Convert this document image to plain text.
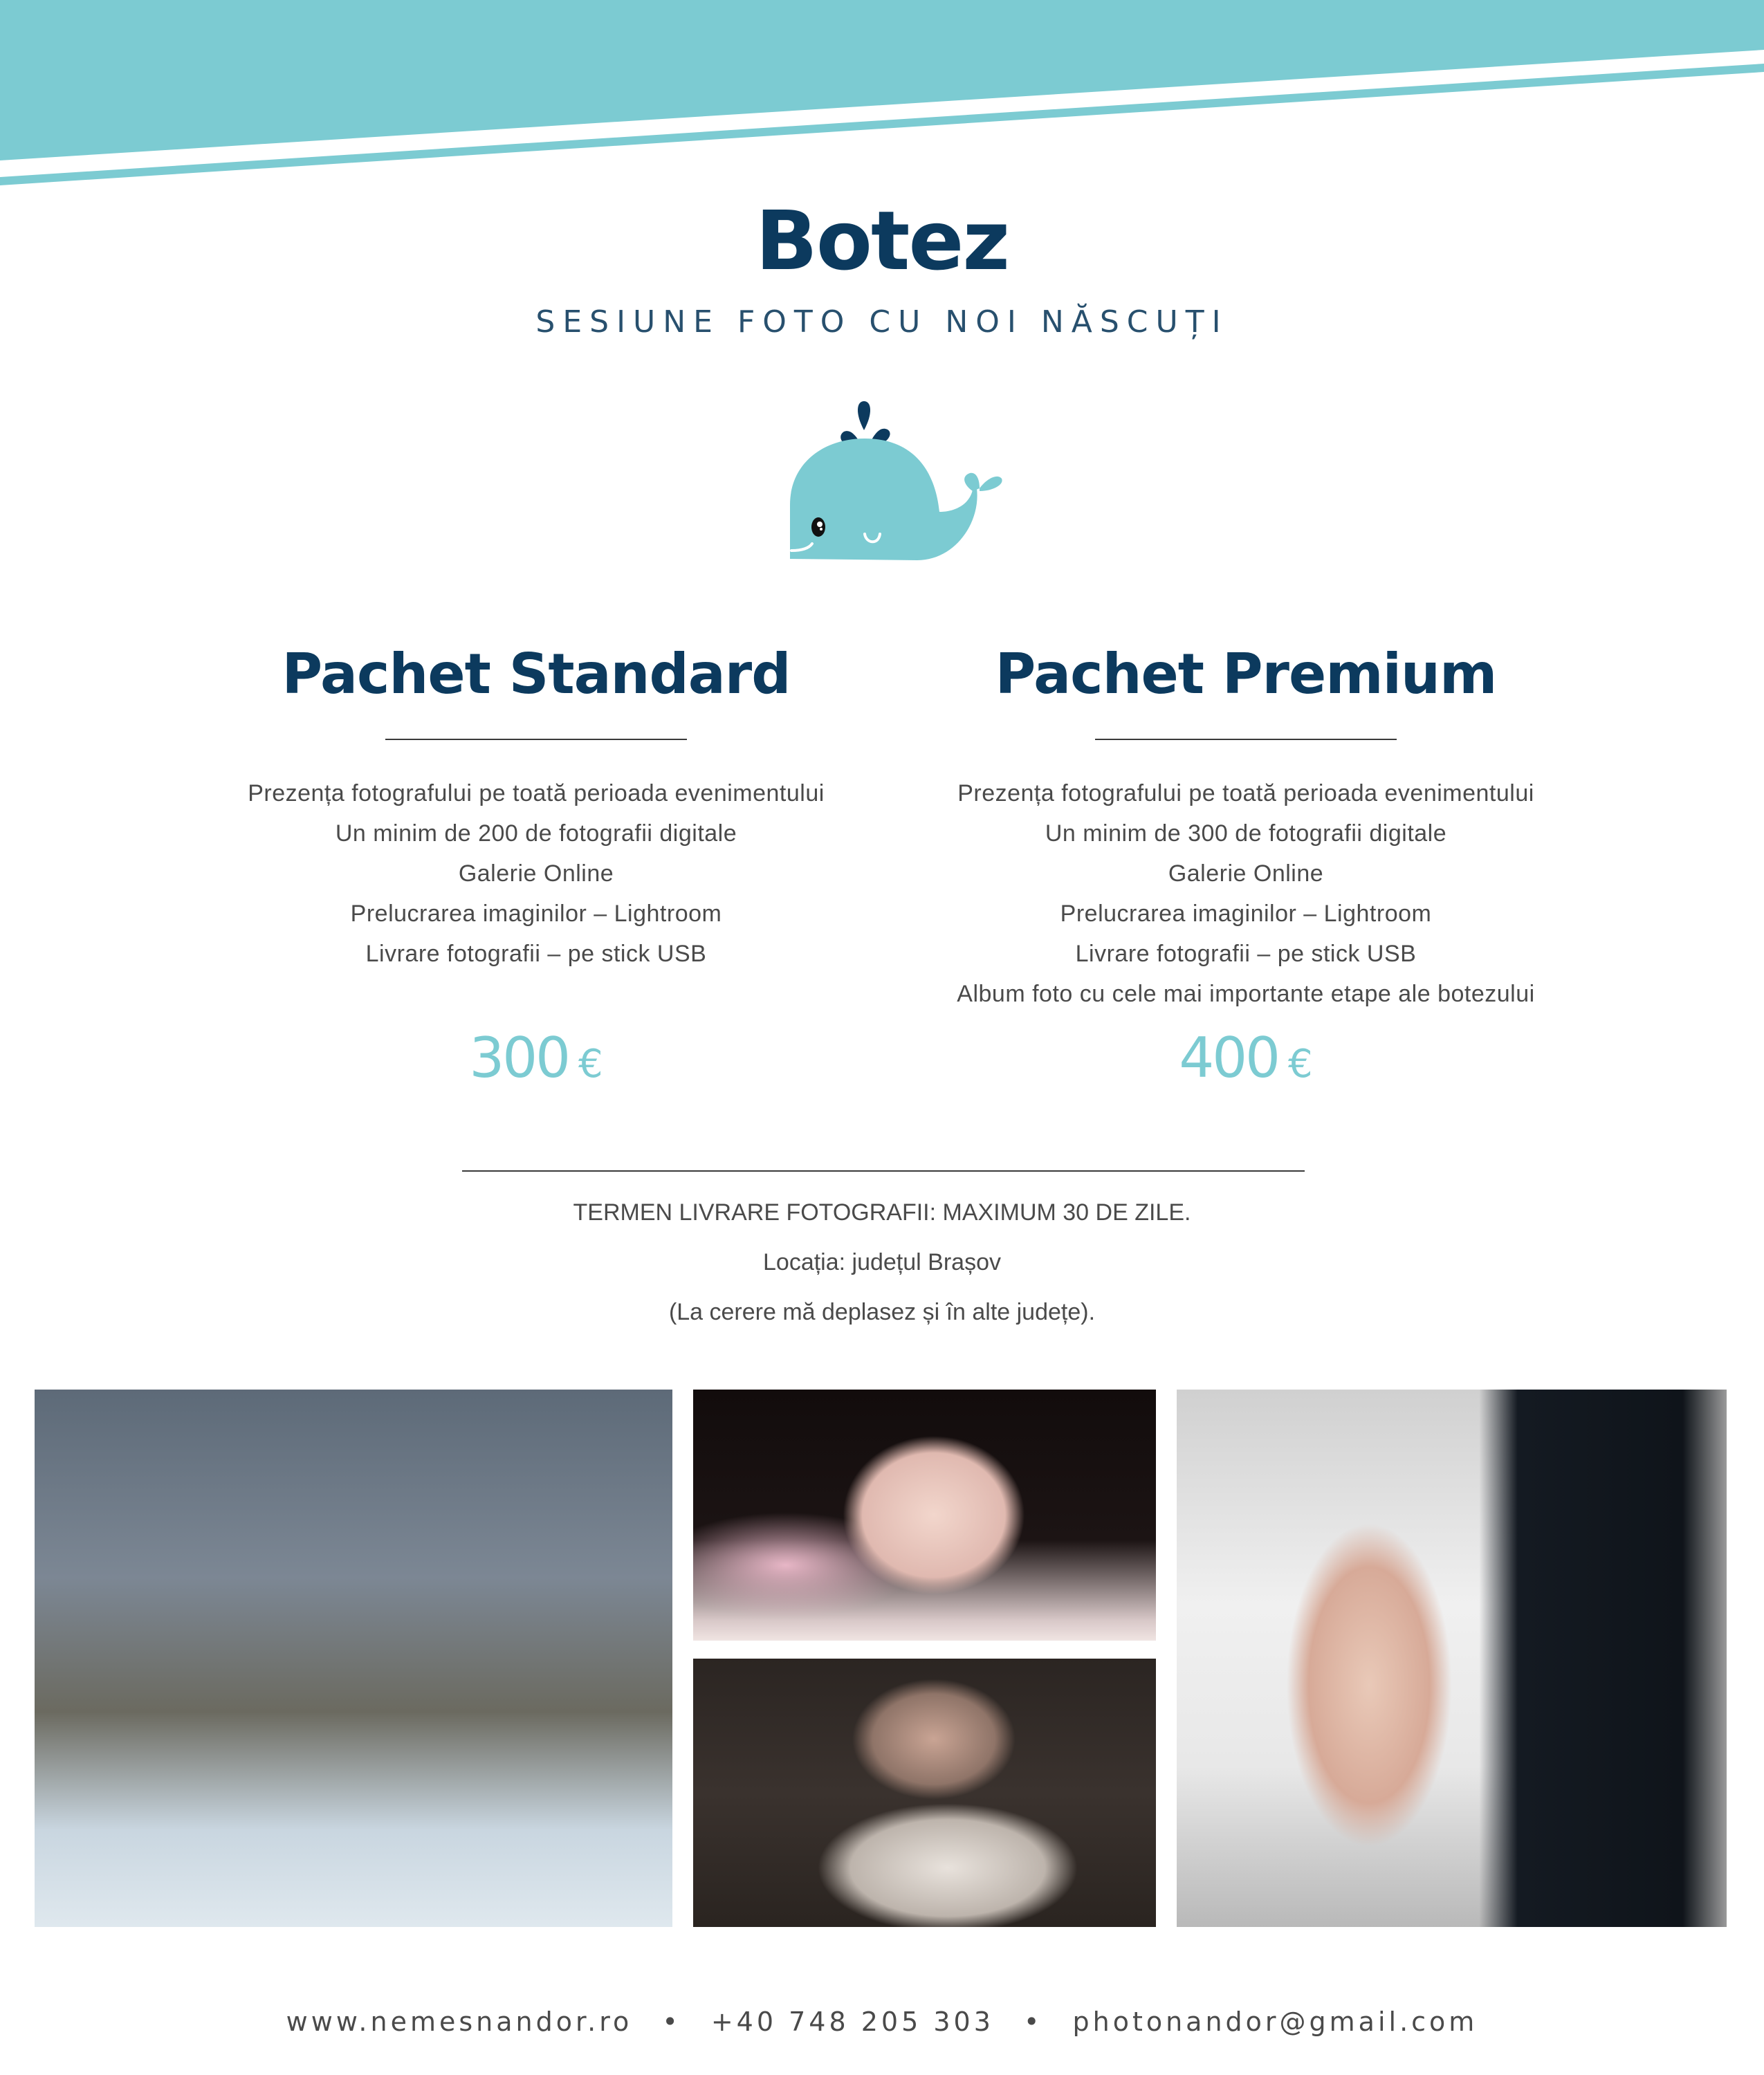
Botez
SESIUNE FOTO CU NOI NĂSCUȚI
Pachet Standard
Prezența fotografului pe toată perioada evenimentului
Un minim de 200 de fotografii digitale
Galerie Online
Prelucrarea imaginilor – Lightroom
Livrare fotografii – pe stick USB
300 €
Pachet Premium
Prezența fotografului pe toată perioada evenimentului
Un minim de 300 de fotografii digitale
Galerie Online
Prelucrarea imaginilor – Lightroom
Livrare fotografii – pe stick USB
Album foto cu cele mai importante etape ale botezului
400 €
TERMEN LIVRARE FOTOGRAFII: MAXIMUM 30 DE ZILE.
Locația: județul Brașov
(La cerere mă deplasez și în alte județe).
www.nemesnandor.ro • +40 748 205 303 • photonandor@gmail.com
